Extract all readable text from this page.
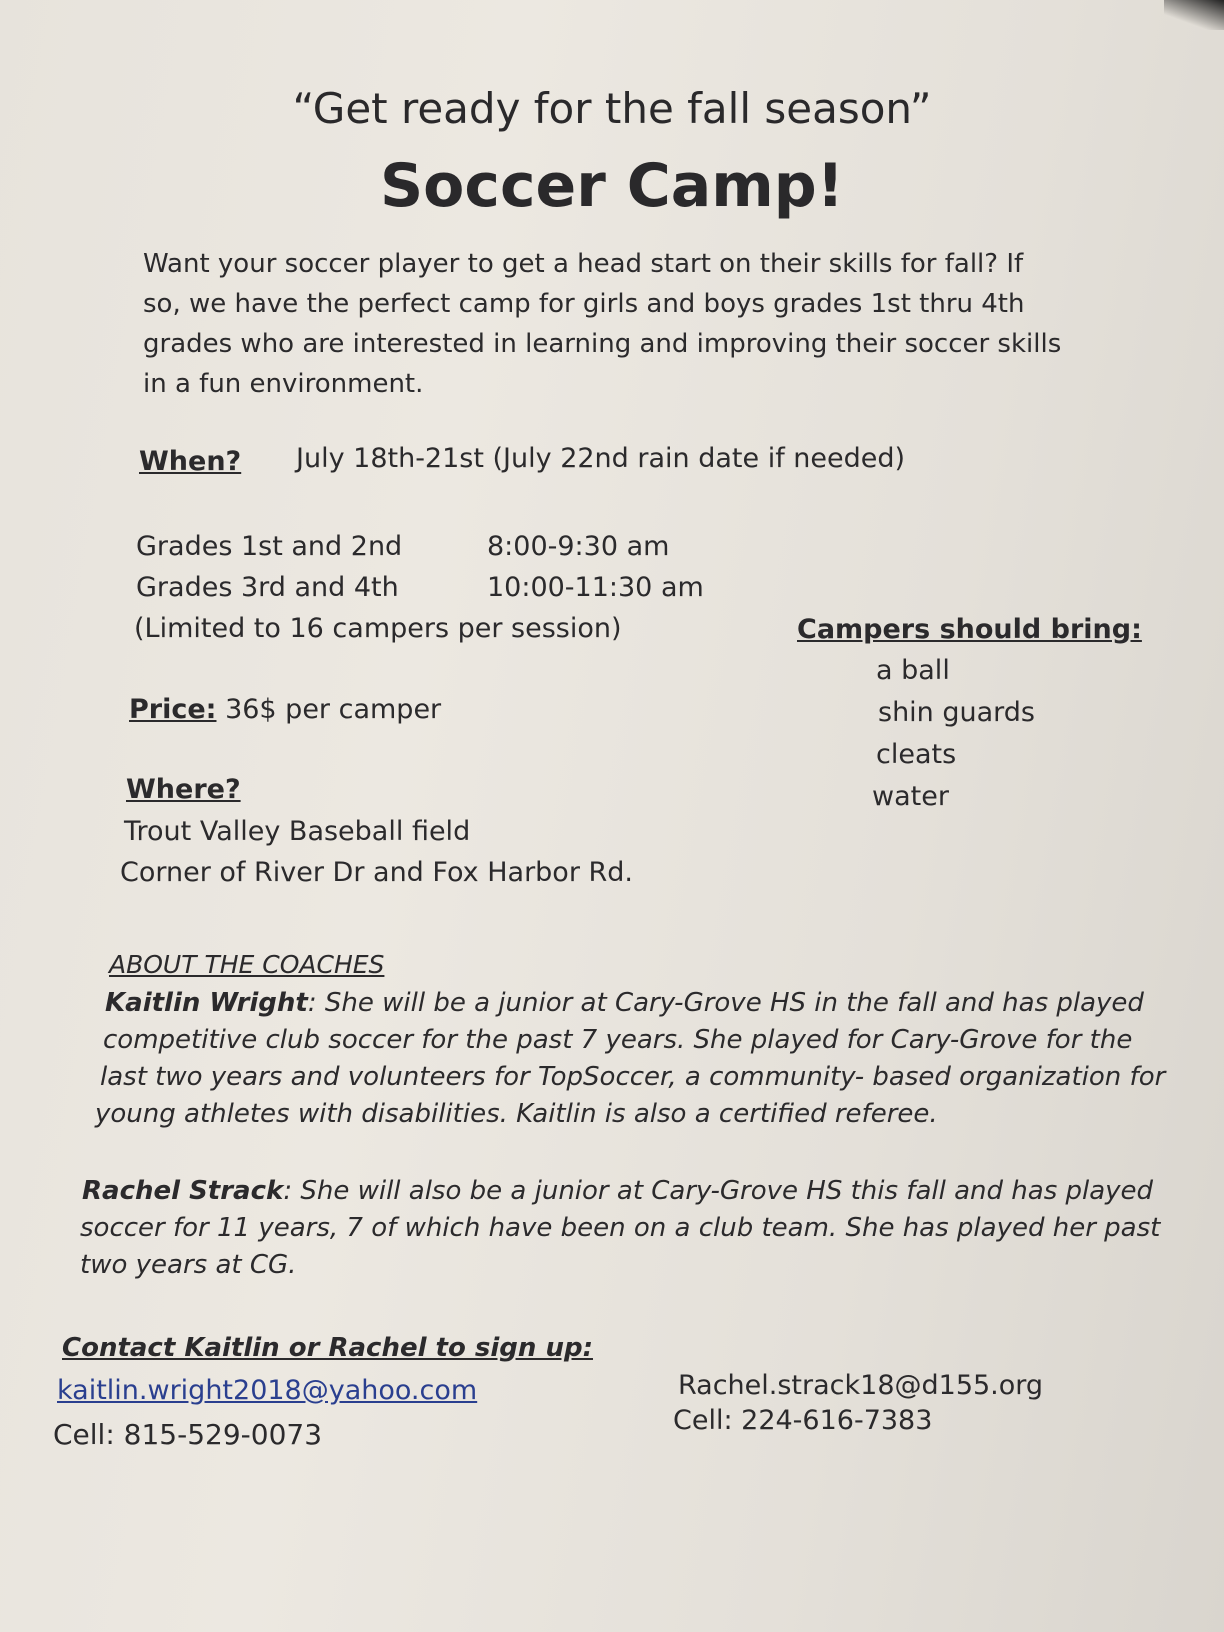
“Get ready for the fall season”
Soccer Camp!
Want your soccer player to get a head start on their skills for fall? If
so, we have the perfect camp for girls and boys grades 1st thru 4th
grades who are interested in learning and improving their soccer skills
in a fun environment.
When? July 18th-21st (July 22nd rain date if needed)
Grades 1st and 2nd	8:00-9:30 am
Grades 3rd and 4th	10:00-11:30 am
(Limited to 16 campers per session)
Price: 36$ per camper
Where?
Trout Valley Baseball field
Corner of River Dr and Fox Harbor Rd.
Campers should bring:
a ball
shin guards
cleats
water
ABOUT THE COACHES
Kaitlin Wright: She will be a junior at Cary-Grove HS in the fall and has played
competitive club soccer for the past 7 years. She played for Cary-Grove for the
last two years and volunteers for TopSoccer, a community- based organization for
young athletes with disabilities. Kaitlin is also a certified referee.
Rachel Strack: She will also be a junior at Cary-Grove HS this fall and has played
soccer for 11 years, 7 of which have been on a club team. She has played her past
two years at CG.
Contact Kaitlin or Rachel to sign up:
kaitlin.wright2018@yahoo.com
Cell: 815-529-0073
Rachel.strack18@d155.org
Cell: 224-616-7383
